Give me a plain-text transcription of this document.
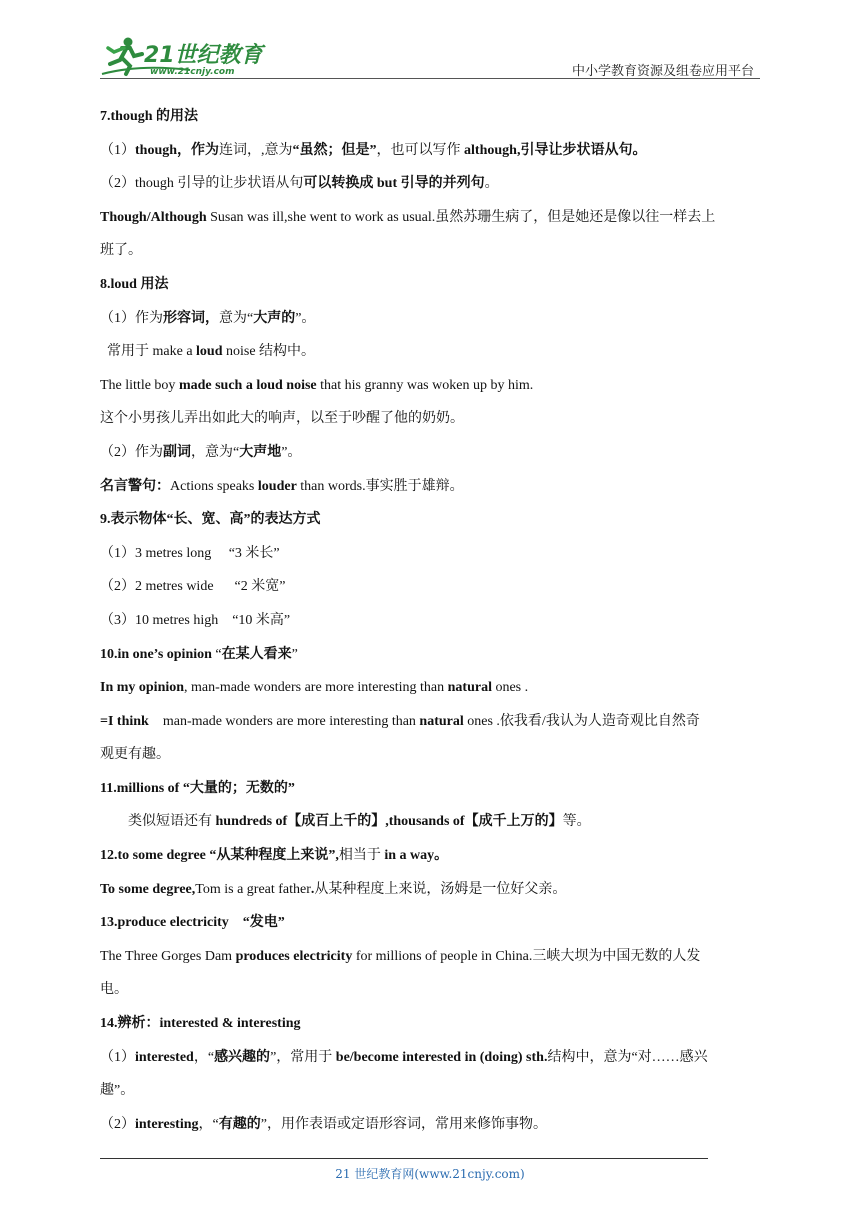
21世纪教育
www.21cnjy.com	中小学教育资源及组卷应用平台

7.though 的用法

（1）though，作为连词，,意为“虽然；但是”，也可以写作 although,引导让步状语从句。

（2）though 引导的让步状语从句可以转换成 but 引导的并列句。

Though/Although Susan was ill,she went to work as usual.虽然苏珊生病了，但是她还是像以往一样去上

班了。

8.loud 用法

（1）作为形容词，意为“大声的”。

常用于 make a loud noise 结构中。

The little boy made such a loud noise that his granny was woken up by him.

这个小男孩儿弄出如此大的响声，以至于吵醒了他的奶奶。

（2）作为副词，意为“大声地”。

名言警句：Actions speaks louder than words.事实胜于雄辩。

9.表示物体“长、宽、高”的表达方式

（1）3 metres long     “3 米长”

（2）2 metres wide      “2 米宽”

（3）10 metres high    “10 米高”

10.in one’s opinion “在某人看来”

In my opinion, man-made wonders are more interesting than natural ones .

=I think    man-made wonders are more interesting than natural ones .依我看/我认为人造奇观比自然奇

观更有趣。

11.millions of “大量的；无数的”

类似短语还有 hundreds of【成百上千的】,thousands of【成千上万的】等。

12.to some degree “从某种程度上来说”,相当于 in a way。

To some degree,Tom is a great father.从某种程度上来说，汤姆是一位好父亲。

13.produce electricity    “发电”

The Three Gorges Dam produces electricity for millions of people in China.三峡大坝为中国无数的人发

电。

14.辨析：interested & interesting

（1）interested，“感兴趣的”，常用于 be/become interested in (doing) sth.结构中，意为“对……感兴

趣”。

（2）interesting，“有趣的”，用作表语或定语形容词，常用来修饰事物。

21 世纪教育网(www.21cnjy.com)
